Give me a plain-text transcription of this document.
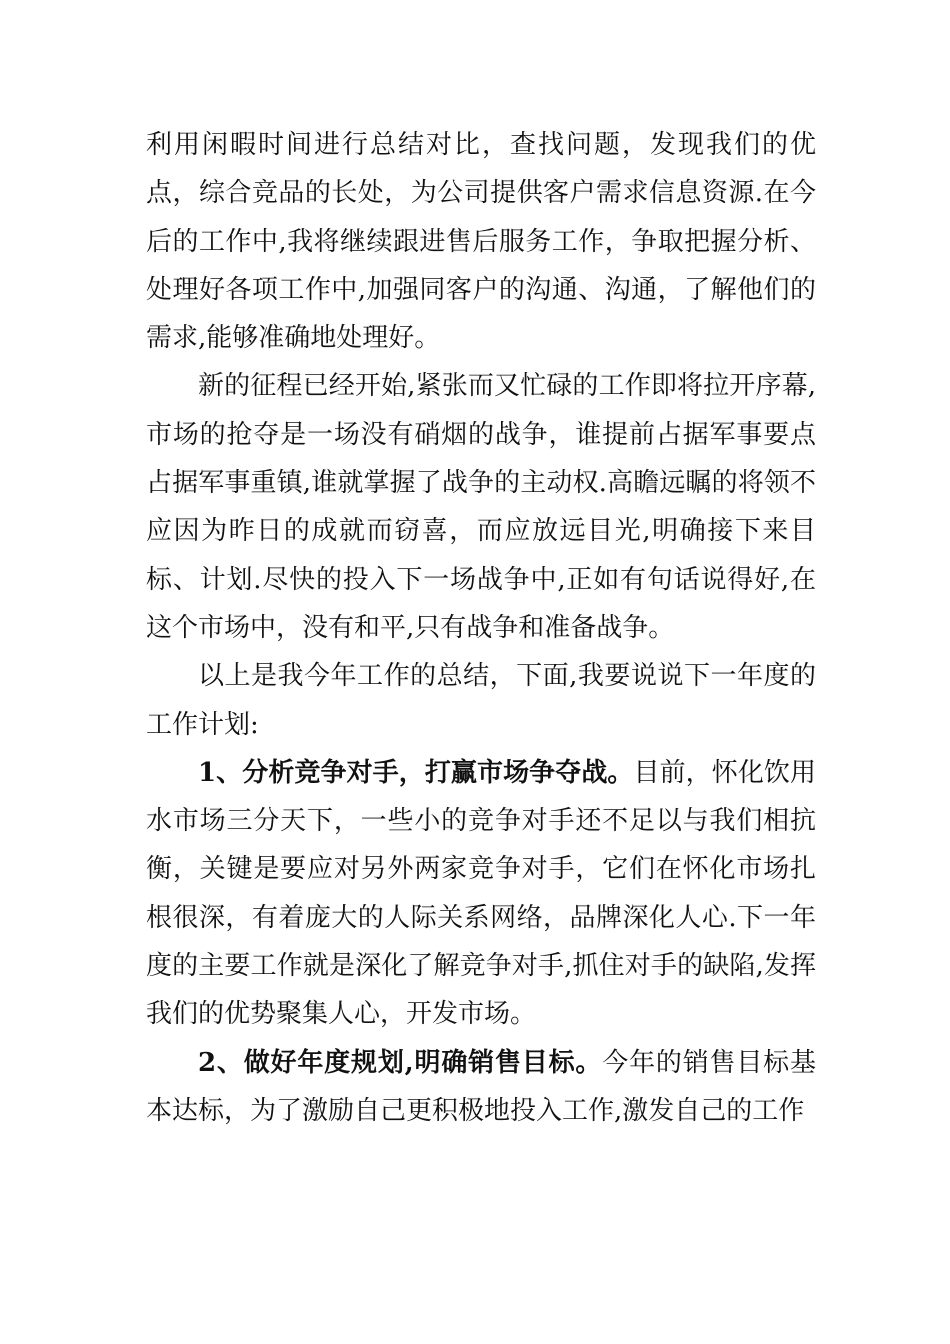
利用闲暇时间进行总结对比，查找问题，发现我们的优点，综合竞品的长处，为公司提供客户需求信息资源.在今后的工作中,我将继续跟进售后服务工作，争取把握分析、处理好各项工作中,加强同客户的沟通、沟通，了解他们的需求,能够准确地处理好。

新的征程已经开始,紧张而又忙碌的工作即将拉开序幕,市场的抢夺是一场没有硝烟的战争，谁提前占据军事要点占据军事重镇,谁就掌握了战争的主动权.高瞻远瞩的将领不应因为昨日的成就而窃喜，而应放远目光,明确接下来目标、计划.尽快的投入下一场战争中,正如有句话说得好,在这个市场中，没有和平,只有战争和准备战争。

以上是我今年工作的总结，下面,我要说说下一年度的工作计划:

1、分析竞争对手，打赢市场争夺战。目前，怀化饮用水市场三分天下，一些小的竞争对手还不足以与我们相抗衡，关键是要应对另外两家竞争对手，它们在怀化市场扎根很深，有着庞大的人际关系网络，品牌深化人心.下一年度的主要工作就是深化了解竞争对手,抓住对手的缺陷,发挥我们的优势聚集人心，开发市场。

2、做好年度规划,明确销售目标。今年的销售目标基本达标，为了激励自己更积极地投入工作,激发自己的工作
